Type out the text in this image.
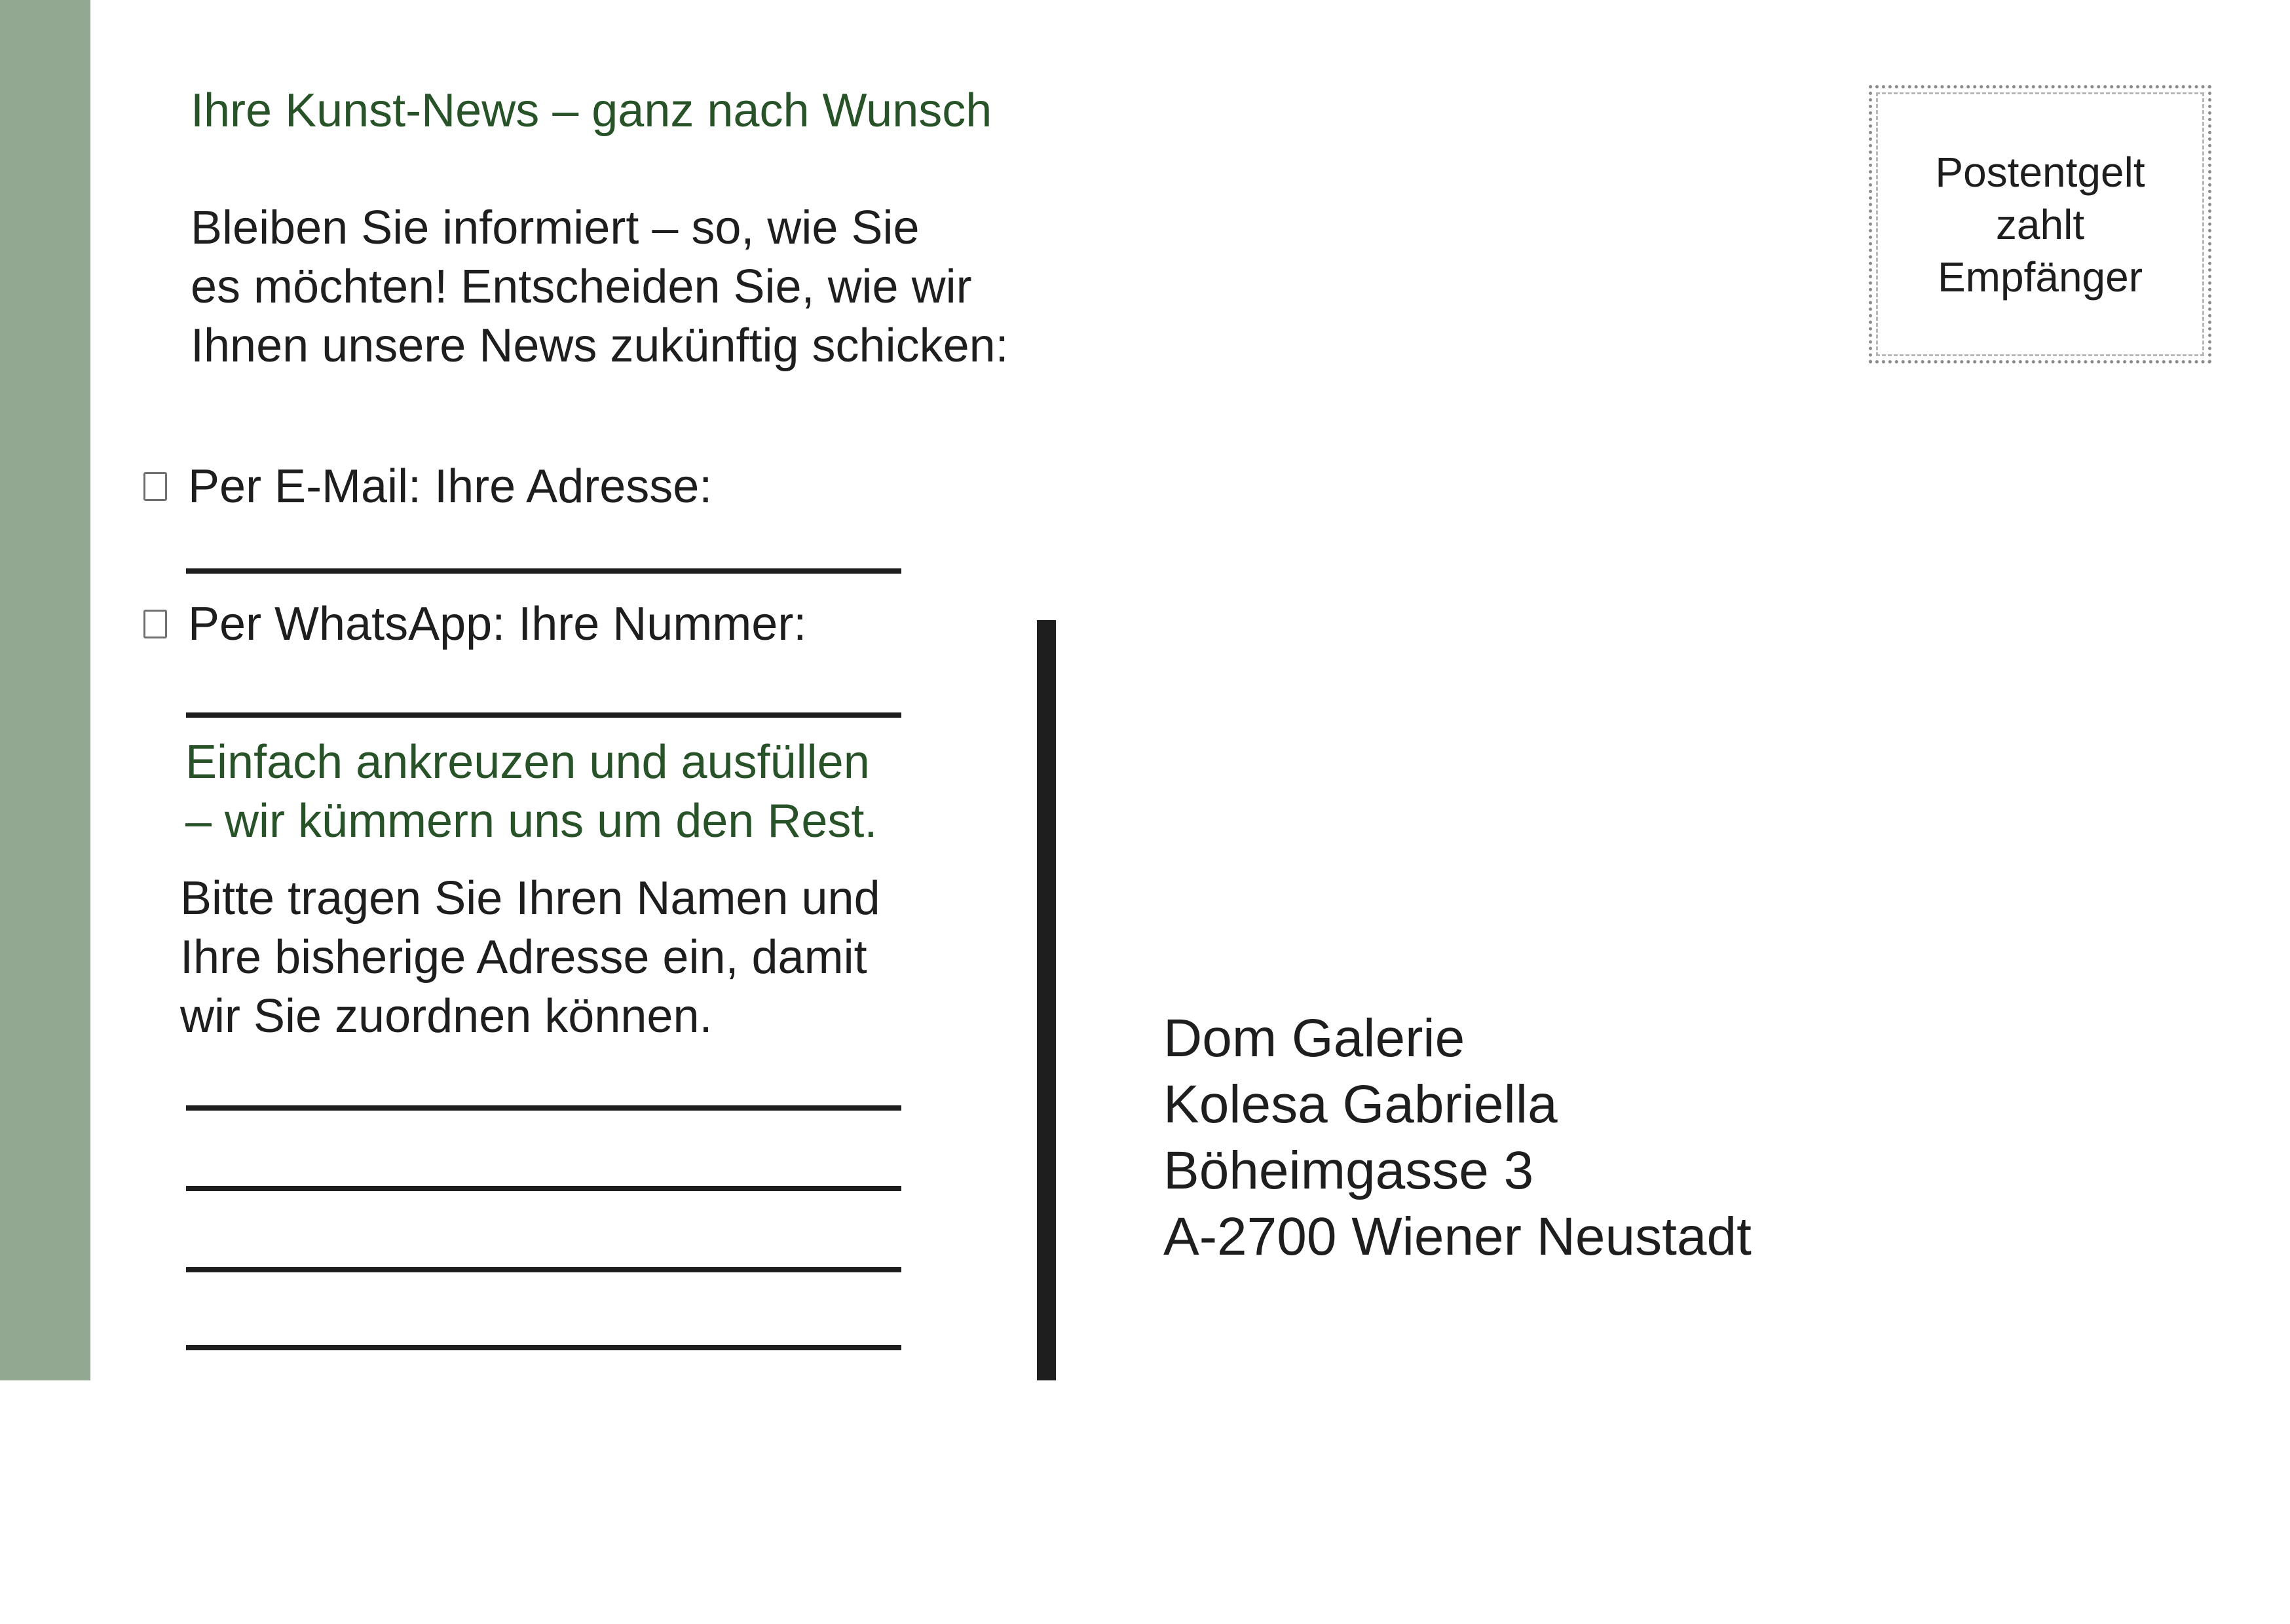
Ihre Kunst-News – ganz nach Wunsch
Bleiben Sie informiert – so, wie Sie
es möchten! Entscheiden Sie, wie wir
Ihnen unsere News zukünftig schicken:
Per E-Mail: Ihre Adresse:
Per WhatsApp: Ihre Nummer:
Einfach ankreuzen und ausfüllen
– wir kümmern uns um den Rest.
Bitte tragen Sie Ihren Namen und
Ihre bisherige Adresse ein, damit
wir Sie zuordnen können.	Dom Galerie
Kolesa Gabriella
Böheimgasse 3
A-2700 Wiener Neustadt
Postentgelt
zahlt
Empfänger
